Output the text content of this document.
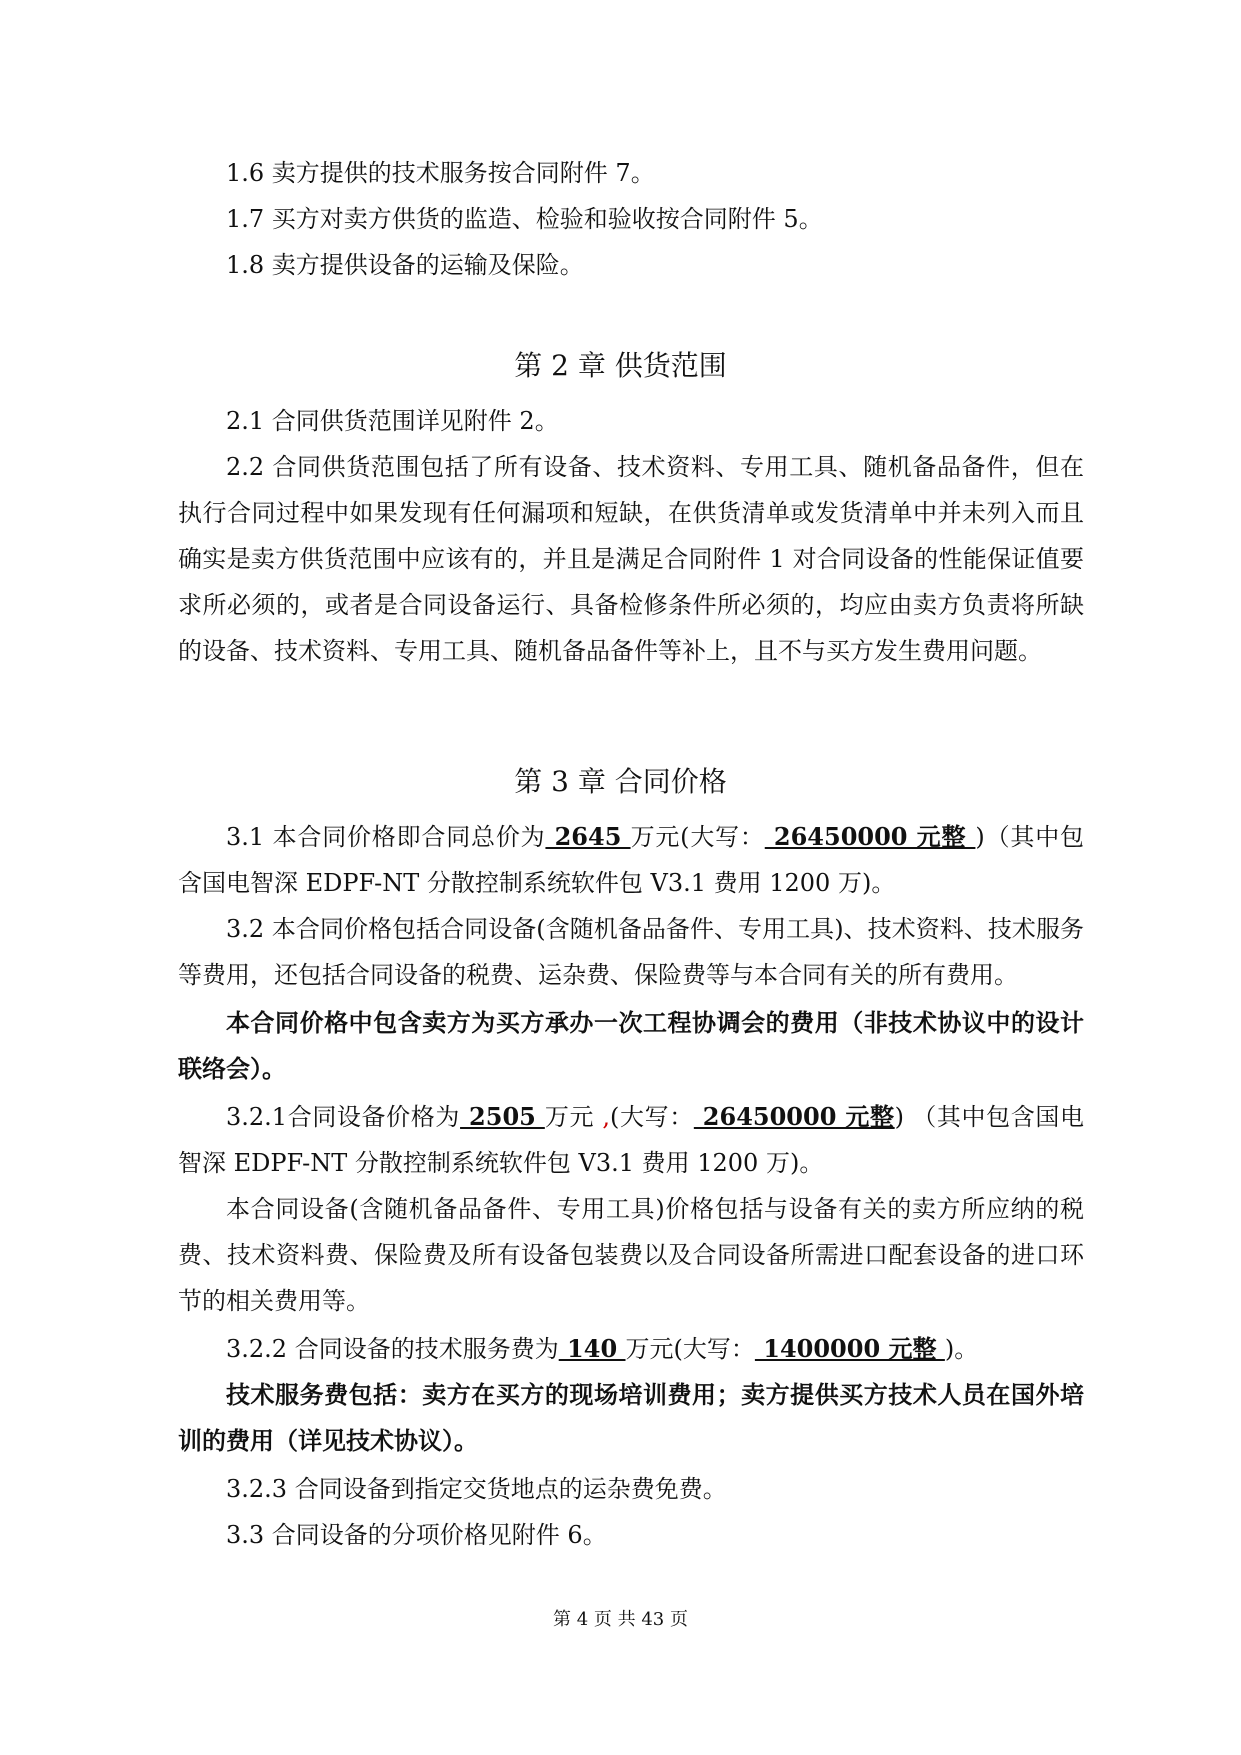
1.6 卖方提供的技术服务按合同附件 7。

1.7 买方对卖方供货的监造、检验和验收按合同附件 5。

1.8 卖方提供设备的运输及保险。

第 2 章 供货范围

2.1 合同供货范围详见附件 2。

2.2 合同供货范围包括了所有设备、技术资料、专用工具、随机备品备件，但在执行合同过程中如果发现有任何漏项和短缺，在供货清单或发货清单中并未列入而且确实是卖方供货范围中应该有的，并且是满足合同附件 1 对合同设备的性能保证值要求所必须的，或者是合同设备运行、具备检修条件所必须的，均应由卖方负责将所缺的设备、技术资料、专用工具、随机备品备件等补上，且不与买方发生费用问题。

第 3 章 合同价格

3.1 本合同价格即合同总价为 2645 万元(大写： 26450000 元整 )（其中包含国电智深 EDPF-NT 分散控制系统软件包 V3.1 费用 1200 万)。

3.2 本合同价格包括合同设备(含随机备品备件、专用工具)、技术资料、技术服务等费用，还包括合同设备的税费、运杂费、保险费等与本合同有关的所有费用。

本合同价格中包含卖方为买方承办一次工程协调会的费用（非技术协议中的设计联络会）。

3.2.1合同设备价格为 2505 万元 ,(大写： 26450000 元整) （其中包含国电智深 EDPF-NT 分散控制系统软件包 V3.1 费用 1200 万)。

本合同设备(含随机备品备件、专用工具)价格包括与设备有关的卖方所应纳的税费、技术资料费、保险费及所有设备包装费以及合同设备所需进口配套设备的进口环节的相关费用等。

3.2.2 合同设备的技术服务费为 140 万元(大写： 1400000 元整 )。

技术服务费包括：卖方在买方的现场培训费用；卖方提供买方技术人员在国外培训的费用（详见技术协议）。

3.2.3 合同设备到指定交货地点的运杂费免费。

3.3 合同设备的分项价格见附件 6。

第 4 页 共 43 页
